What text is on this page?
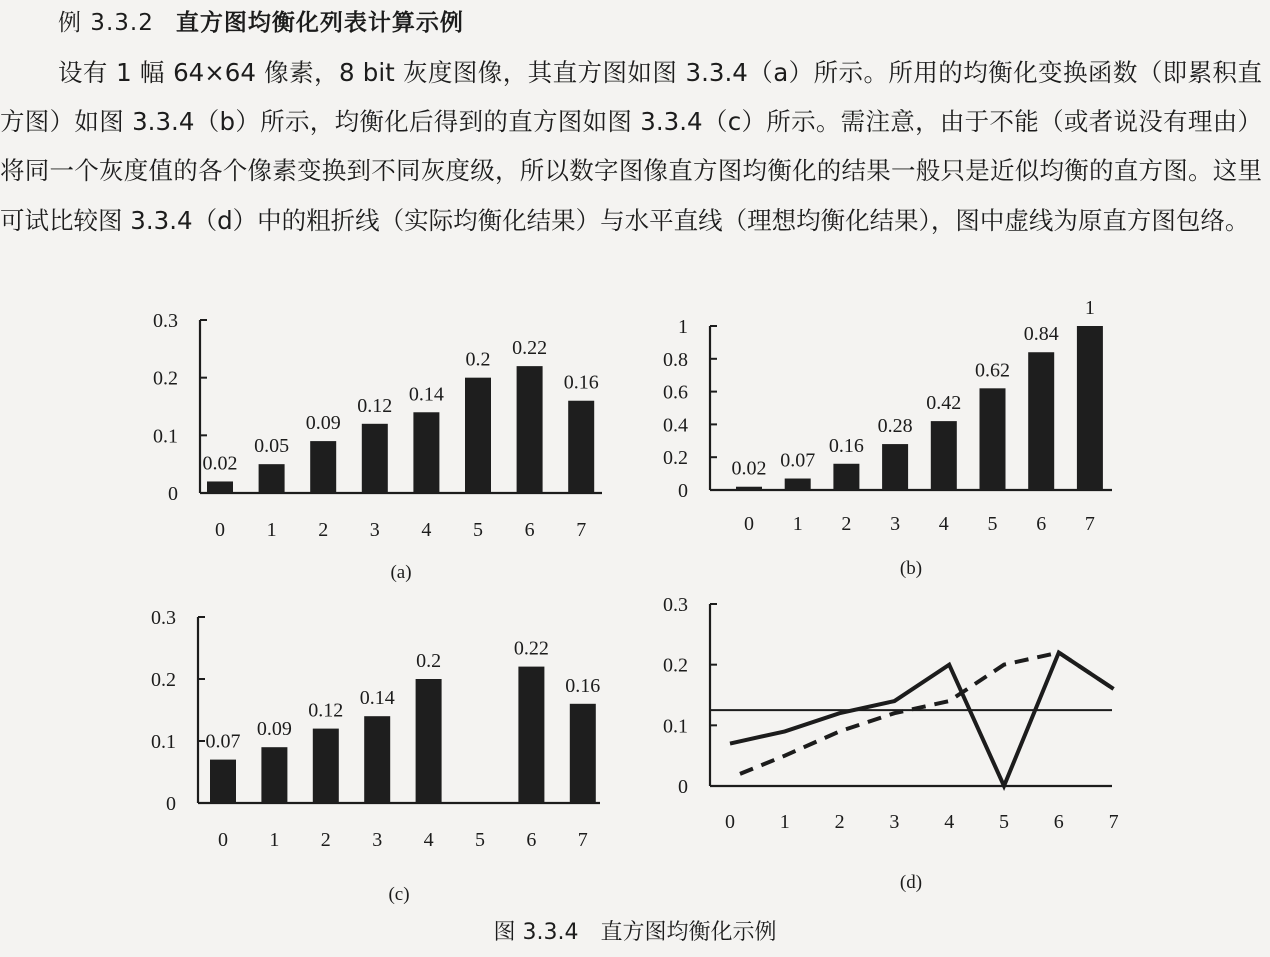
例 3.3.2 直方图均衡化列表计算示例

设有 1 幅 64×64 像素，8 bit 灰度图像，其直方图如图 3.3.4（a）所示。所用的均衡化变换函数（即累积直方图）如图 3.3.4（b）所示，均衡化后得到的直方图如图 3.3.4（c）所示。需注意，由于不能（或者说没有理由）将同一个灰度值的各个像素变换到不同灰度级，所以数字图像直方图均衡化的结果一般只是近似均衡的直方图。这里可试比较图 3.3.4（d）中的粗折线（实际均衡化结果）与水平直线（理想均衡化结果），图中虚线为原直方图包络。

0
0.1
0.2
0.3
0 1 2 3 4 5 6 7
(a)
0.02
0.05
0.09
0.12
0.14
0.2
0.22
0.16
0
0.2
0.4
0.6
0.8
1
0 1 2 3 4 5 6 7
(b)
0.02 0.07
0.16
0.28
0.42
0.62
0.84
1
0
0.1
0.2
0.3
0 1 2 3 4 5 6 7
(c)
0.07
0.09
0.12
0.14
0.2
0.22
0.16
0
0.1
0.2
0.3
0 1 2 3 4 5 6 7
(d)
图 3.3.4 直方图均衡化示例
